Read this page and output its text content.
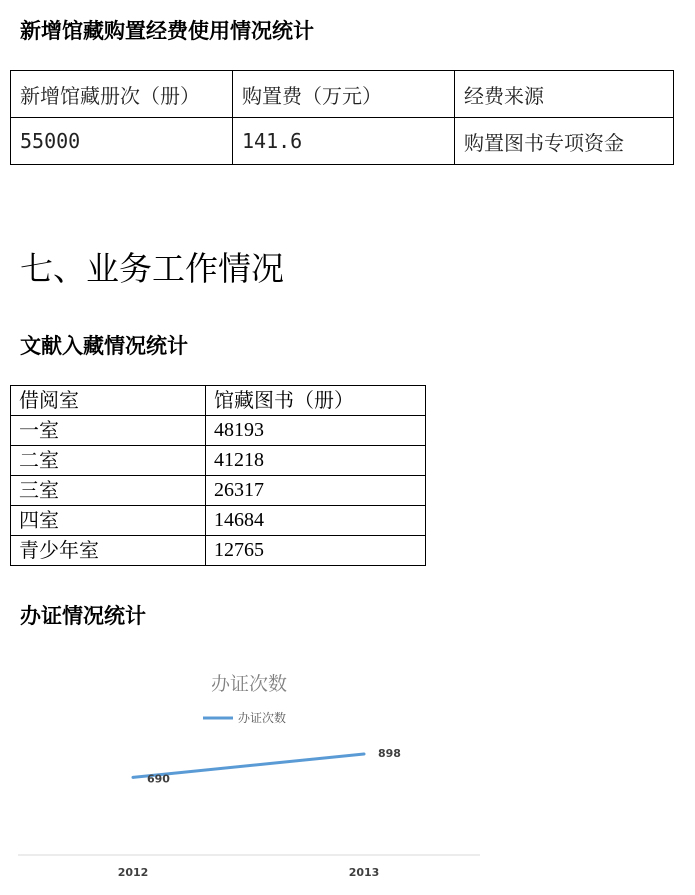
新增馆藏购置经费使用情况统计
新增馆藏册次（册）	购置费（万元）	经费来源
55000	141.6	购置图书专项资金
七、业务工作情况
文献入藏情况统计
借阅室	馆藏图书（册）
一室	48193
二室	41218
三室	26317
四室	14684
青少年室	12765
办证情况统计
办证次数
办证次数
690
898
2012	2013
